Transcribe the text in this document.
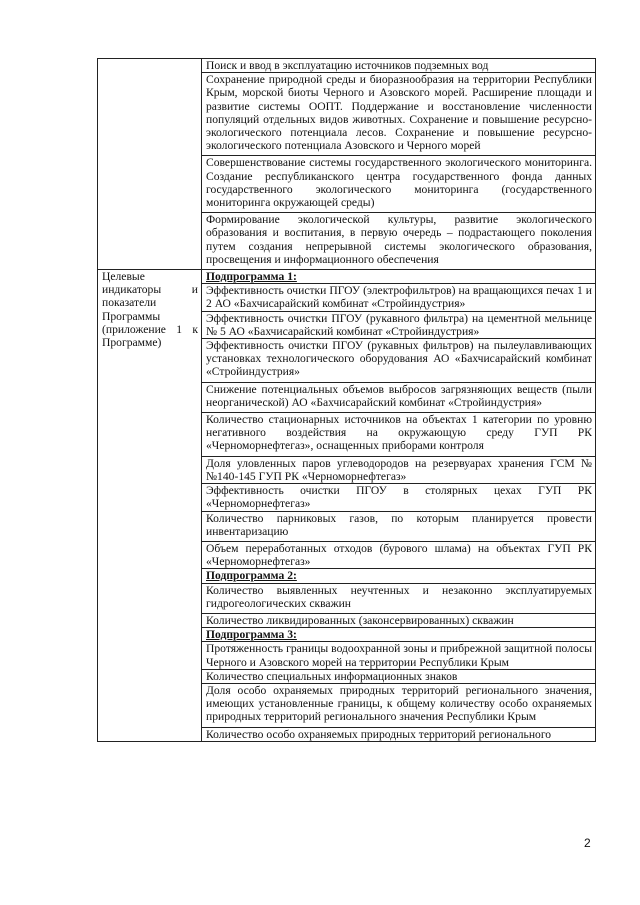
	Поиск и ввод в эксплуатацию источников подземных вод

	Сохранение природной среды и биоразнообразия на территории Республики Крым, морской биоты Черного и Азовского морей. Расширение площади и развитие системы ООПТ. Поддержание и восстановление численности популяций отдельных видов животных. Сохранение и повышение ресурсно-экологического потенциала лесов. Сохранение и повышение ресурсно-экологического потенциала Азовского и Черного морей

	Совершенствование системы государственного экологического мониторинга. Создание республиканского центра государственного фонда данных государственного экологического мониторинга (государственного мониторинга окружающей среды)

	Формирование экологической культуры, развитие экологического образования и воспитания, в первую очередь – подрастающего поколения путем создания непрерывной системы экологического образования, просвещения и информационного обеспечения

Целевые индикаторы и показатели Программы (приложение 1 к Программе)	Подпрограмма 1:

	Эффективность очистки ПГОУ (электрофильтров) на вращающихся печах 1 и 2 АО «Бахчисарайский комбинат «Стройиндустрия»

	Эффективность очистки ПГОУ (рукавного фильтра) на цементной мельнице № 5 АО «Бахчисарайский комбинат «Стройиндустрия»

	Эффективность очистки ПГОУ (рукавных фильтров) на пылеулавливающих установках технологического оборудования АО «Бахчисарайский комбинат «Стройиндустрия»

	Снижение потенциальных объемов выбросов загрязняющих веществ (пыли неорганической) АО «Бахчисарайский комбинат «Стройиндустрия»

	Количество стационарных источников на объектах 1 категории по уровню негативного воздействия на окружающую среду ГУП РК «Черноморнефтегаз», оснащенных приборами контроля

	Доля уловленных паров углеводородов на резервуарах хранения ГСМ №№140-145 ГУП РК «Черноморнефтегаз»

	Эффективность очистки ПГОУ в столярных цехах ГУП РК «Черноморнефтегаз»

	Количество парниковых газов, по которым планируется провести инвентаризацию

	Объем переработанных отходов (бурового шлама) на объектах ГУП РК «Черноморнефтегаз»

	Подпрограмма 2:

	Количество выявленных неучтенных и незаконно эксплуатируемых гидрогеологических скважин

	Количество ликвидированных (законсервированных) скважин

	Подпрограмма 3:

	Протяженность границы водоохранной зоны и прибрежной защитной полосы Черного и Азовского морей на территории Республики Крым

	Количество специальных информационных знаков

	Доля особо охраняемых природных территорий регионального значения, имеющих установленные границы, к общему количеству особо охраняемых природных территорий регионального значения Республики Крым

	Количество особо охраняемых природных территорий регионального
2
